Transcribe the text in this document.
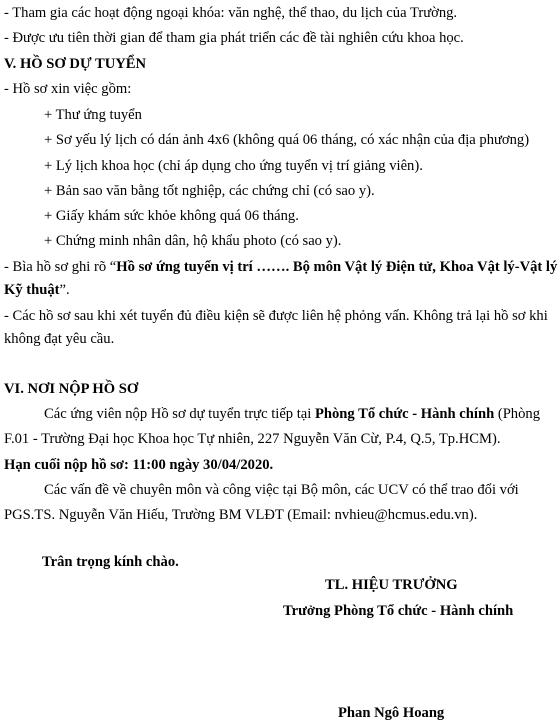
- Tham gia các hoạt động ngoại khóa: văn nghệ, thể thao, du lịch của Trường.
- Được ưu tiên thời gian để tham gia phát triển các đề tài nghiên cứu khoa học.
V. HỒ SƠ DỰ TUYỂN
- Hồ sơ xin việc gồm:
+ Thư ứng tuyển
+ Sơ yếu lý lịch có dán ảnh 4x6 (không quá 06 tháng, có xác nhận của địa phương)
+ Lý lịch khoa học (chỉ áp dụng cho ứng tuyển vị trí giảng viên).
+ Bản sao văn bằng tốt nghiệp, các chứng chỉ (có sao y).
+ Giấy khám sức khỏe không quá 06 tháng.
+ Chứng minh nhân dân, hộ khẩu photo (có sao y).
- Bìa hồ sơ ghi rõ “Hồ sơ ứng tuyển vị trí ……. Bộ môn Vật lý Điện tử, Khoa Vật lý-Vật lý
Kỹ thuật”.
- Các hồ sơ sau khi xét tuyển đủ điều kiện sẽ được liên hệ phỏng vấn. Không trả lại hồ sơ khi
không đạt yêu cầu.
VI. NƠI NỘP HỒ SƠ
Các ứng viên nộp Hồ sơ dự tuyển trực tiếp tại Phòng Tổ chức - Hành chính (Phòng
F.01 - Trường Đại học Khoa học Tự nhiên, 227 Nguyễn Văn Cừ, P.4, Q.5, Tp.HCM).
Hạn cuối nộp hồ sơ: 11:00 ngày 30/04/2020.
Các vấn đề về chuyên môn và công việc tại Bộ môn, các UCV có thể trao đổi với
PGS.TS. Nguyễn Văn Hiếu, Trường BM VLĐT (Email: nvhieu@hcmus.edu.vn).
Trân trọng kính chào.
TL. HIỆU TRƯỞNG
Trưởng Phòng Tổ chức - Hành chính
Phan Ngô Hoang
